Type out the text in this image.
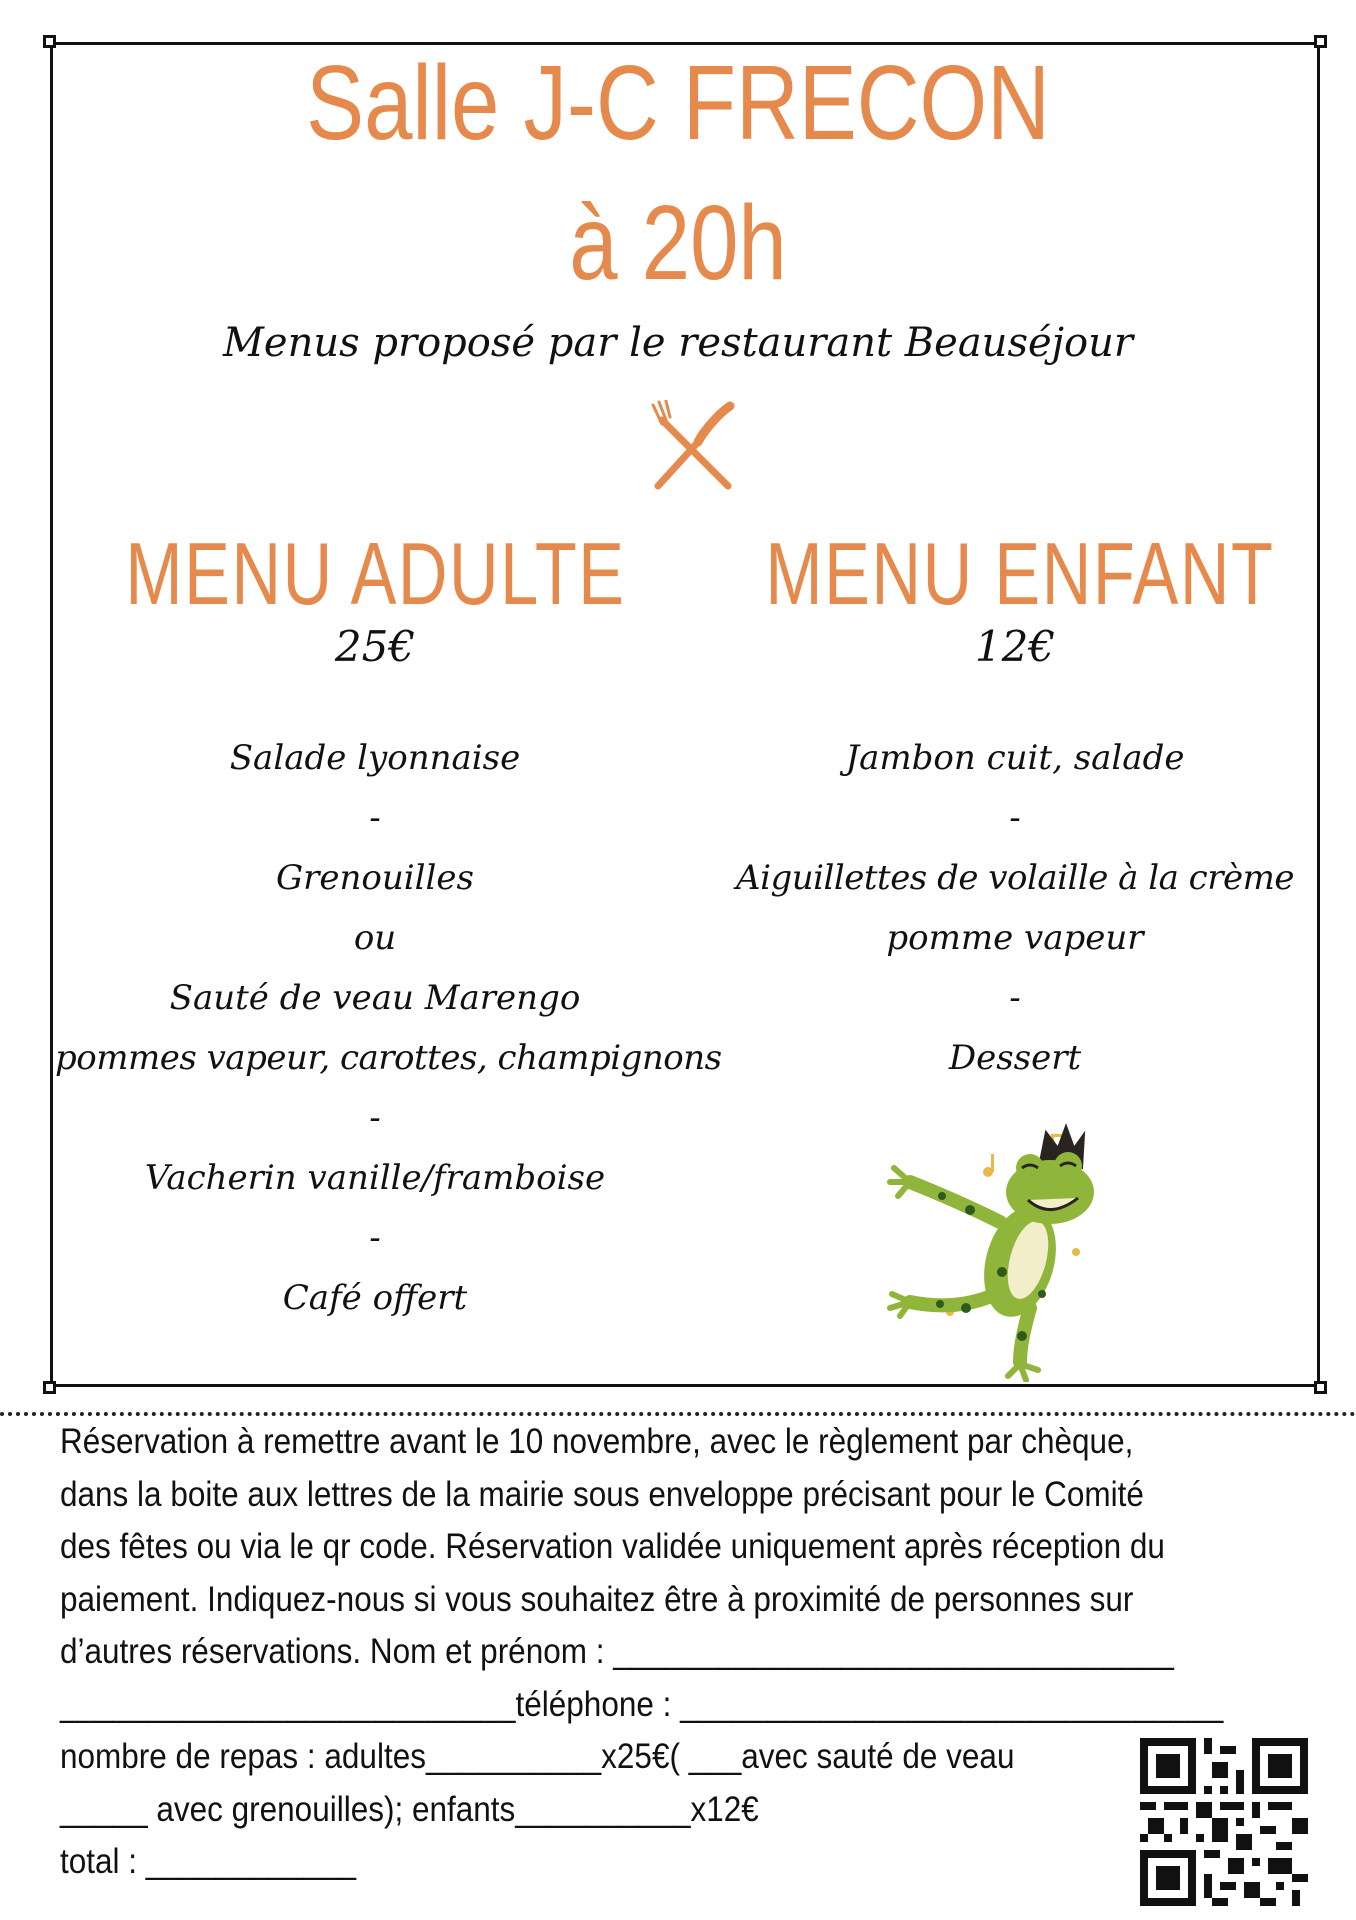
Salle J-C FRECON
à 20h
Menus proposé par le restaurant Beauséjour
MENU ADULTE
25€
Salade lyonnaise
-
Grenouilles
ou
Sauté de veau Marengo
pommes vapeur, carottes, champignons
-
Vacherin vanille/framboise
-
Café offert
MENU ENFANT
12€
Jambon cuit, salade
-
Aiguillettes de volaille à la crème
pomme vapeur
-
Dessert
Réservation à remettre avant le 10 novembre, avec le règlement par chèque,
dans la boite aux lettres de la mairie sous enveloppe précisant pour le Comité
des fêtes ou via le qr code. Réservation validée uniquement après réception du
paiement. Indiquez-nous si vous souhaitez être à proximité de personnes sur
d’autres réservations. Nom et prénom : ________________________________
__________________________téléphone : _______________________________
nombre de repas : adultes__________x25€( ___avec sauté de veau
_____ avec grenouilles); enfants__________x12€
total : ____________
